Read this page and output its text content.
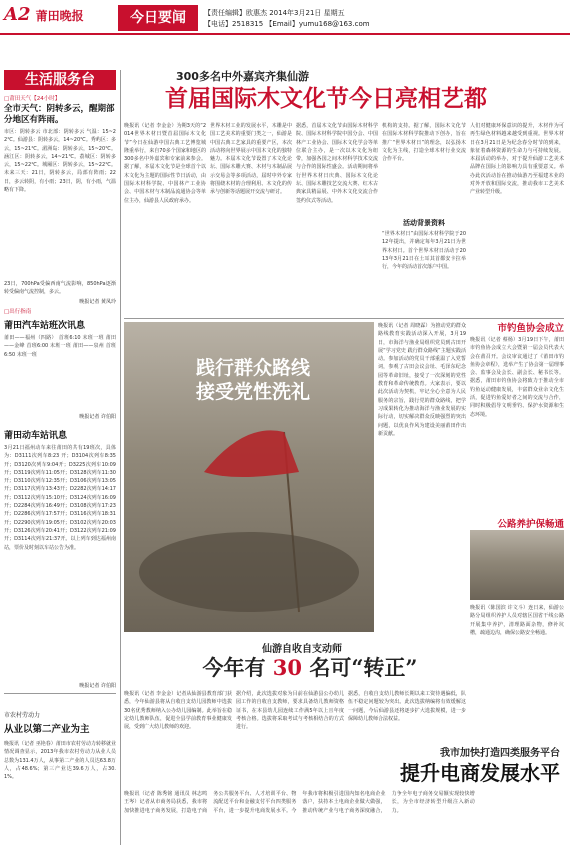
A2 莆田晚报	今日要闻	【责任编辑】欧惠杰 2014年3月21日 星期五
【电话】2518315 【Email】yumu168@163.com
生活服务台
□莆田天气【24小时】
全市天气：阴转多云，醒期部分地区有阵雨。
市区：阴转多云 市北部：阴转多云 气温：15~22℃。仙游县：阴转多云，14~20℃。秀屿区：多云，15~21℃。湄洲岛：阴转多云，15~20℃。涵江区：阴转多云，14~21℃。荔城区：阴转多云，15~22℃。城厢区：阴转多云，15~22℃。未来三天：21日，阴转多云，局部有阵雨；22日，多云转阴，有小雨；23日，阴，有小雨，气温略有下降。
23日，700hPa受偏西南气流影响，850hPa逐渐转受偏南气流控制，多云。
晚报记者 黄凤玲
□出行指南
莆田汽车站班次讯息
莆田——福州（四路） 首班6:10 末班一班 莆田——金峰 首班6:00 末班一班 莆田——泉州 首班6:50 末班一班
晚报记者 许伯阳
莆田动车站讯息
3月21日福州动车来往莆田的共有19班次，具体为：D3111次列车8:23 开；D3104次列车8:35开；D3120次列车9:04开；D3225次列车10:09开；D3119次列车11:05开；D3128次列车11:30开；D3110次列车12:35开；D3106次列车13:05开；D3117次列车13:43开；D2282次列车14:17开；D3112次列车15:10开；D3124次列车16:09开；D2284次列车16:49开；D3108次列车17:23开；D2286次列车17:57开；D3116次列车18:31开；D2290次列车19:05开；D3102次列车20:03开；D3126次列车20:41开；D3122次列车21:09开；D3114次列车21:37开。以上列车到达福州南站，票价及时刻以车站公告为准。
晚报记者 许伯阳
市农村劳动力
从业以第二产业为主
晚报讯（记者 巫艳春）莆田市农村劳动力转移就业情况调查显示，2013年我市农村劳动力从业人员总数为131.4万人，从事第二产业的人员达63.8万人，占48.6%；第三产业达39.6万人，占30.1%。
300多名中外嘉宾齐集仙游
首届国际木文化节今日亮相艺都
晚报讯（记者 李金金）为期3天的“2014世界木材日暨首届国际木文化节”今日在仙游中国古典工艺博览城隆重举行，来自70多个国家和地区的300多名中外嘉宾和专家前来参会。据了解，本届木文化节是全球首个以木文化为主题的国际性节日活动，由国际木材科学院、中国林产工业协会、中国木材与木制品流通协会等单位主办，仙游县人民政府承办。
世界木材工业的发展水平，木雕是中国工艺美术的重要门类之一，仙游是中国古典工艺家具的重要产区，本次活动将向世界展示中国木文化的独特魅力。本届木文化节设置了木文化论坛、国际木雕大赛、木材与木制品展示交易会等多项活动，届时中外专家将围绕木材的合理利用、木文化的传承与创新等话题展开交流与研讨。
据悉，首届木文化节由国际木材科学院、国际木材科学院中国分会、中国林产工业协会、国际木文化学会等单位联合主办，是一次以木文化为纽带，加强各国之间木材科学技术交流与合作的国际性盛会。活动期间将举行世界木材日庆典、国际木文化论坛、国际木雕技艺交流大赛、红木古典家具精品展、中外木文化交流合作签约仪式等活动。
机构的支持。据了解，国际木文化节在国际木材科学院推动下创办，旨在推广“世界木材日”的理念，以弘扬木文化为主线，打造全球木材行业交流合作平台。
活动背景资料
“世界木材日”由国际木材科学院于2012年提出，并确定每年3月21日为世界木材日。首个世界木材日活动于2013年3月21日在土耳其首都安卡拉举行，今年的活动首次落户中国。
人们对健康环保意识的提升，木材作为可再生绿色材料越来越受到重视。世界木材日在3月21日是为纪念春分时节的到来，象征着森林资源的生命力与可持续发展。本届活动的举办，对于提升仙游工艺美术品牌在国际上的影响力具有重要意义。举办此次活动旨在推动仙游乃至福建木业的对外开放和国际交流，推动我市工艺美术产业转型升级。
践行群众路线
接受党性洗礼
晚报讯（记者 周晓霖）为推动党的群众路线教育实践活动深入开展，3月19日，市海洋与渔业局组织党员到古田开展“学习党史 践行群众路线”主题实践活动。参加活动的党员干部重温了入党誓词，参观了古田会议会址、毛泽东纪念园等革命旧址，接受了一次深刻的党性教育和革命传统教育。大家表示，要以此次活动为契机，牢记全心全意为人民服务的宗旨，践行党的群众路线，把学习成果转化为推动海洋与渔业发展的实际行动，切实解决群众反映强烈的突出问题，以优良作风为建设美丽莆田作出新贡献。
市钓鱼协会成立
晚报讯（记者 蔡杨）3月19日下午，莆田市钓鱼协会成立大会暨第一届会员代表大会在莆召开。会议审议通过了《莆田市钓鱼协会章程》，选举产生了协会第一届理事会、监事会及会长、副会长、秘书长等。据悉，莆田市钓鱼协会将致力于推动全市钓鱼运动健康发展，丰富群众业余文化生活，促进钓鱼爱好者之间的交流与合作，同时积极倡导文明垂钓、保护水资源和生态环境。
公路养护保畅通
晚报讯（陈国滨 许文斗）连日来，仙游公路分局组织养护人员对辖区国省干线公路开展集中养护，清理路面杂物，修补坑槽，疏通边沟，确保公路安全畅通。
仙游自收自支动师
今年有 30 名可“转正”
晚报讯（记者 李金金）记者从仙游县教育部门获悉，今年仙游县将从自收自支幼儿园教师中选拔30名优秀教师纳入公办幼儿园编制。此举旨在稳定幼儿教师队伍，促进全县学前教育事业健康发展，受到广大幼儿教师的欢迎。
据介绍，此次选拔对象为目前在仙游县公办幼儿园工作的自收自支教师，要求具备幼儿教师资格证书，在本县幼儿园连续工作满5年以上且年度考核合格。选拔将采取考试与考核相结合的方式进行。
据悉，自收自支幼儿教师长期以来工资待遇偏低，队伍不稳定问题较为突出。此次选拔纳编将有效缓解这一问题，今后仙游县还将逐步扩大选拔规模，进一步保障幼儿教师合法权益。
我市加快打造四类服务平台
提升电商发展水平
晚报讯（记者 陈秀铭 通讯员 林志鸣 王岑）记者从市商务局获悉，我市将加快推进电子商务发展，打造电子商务公共服务平台、人才培训平台、物流配送平台和金融支付平台四类服务平台，进一步提升电商发展水平。今年我市将积极引进国内知名电商企业落户，扶持本土电商企业做大做强，推动传统产业与电子商务深度融合，力争全年电子商务交易额实现较快增长，为全市经济转型升级注入新动力。
